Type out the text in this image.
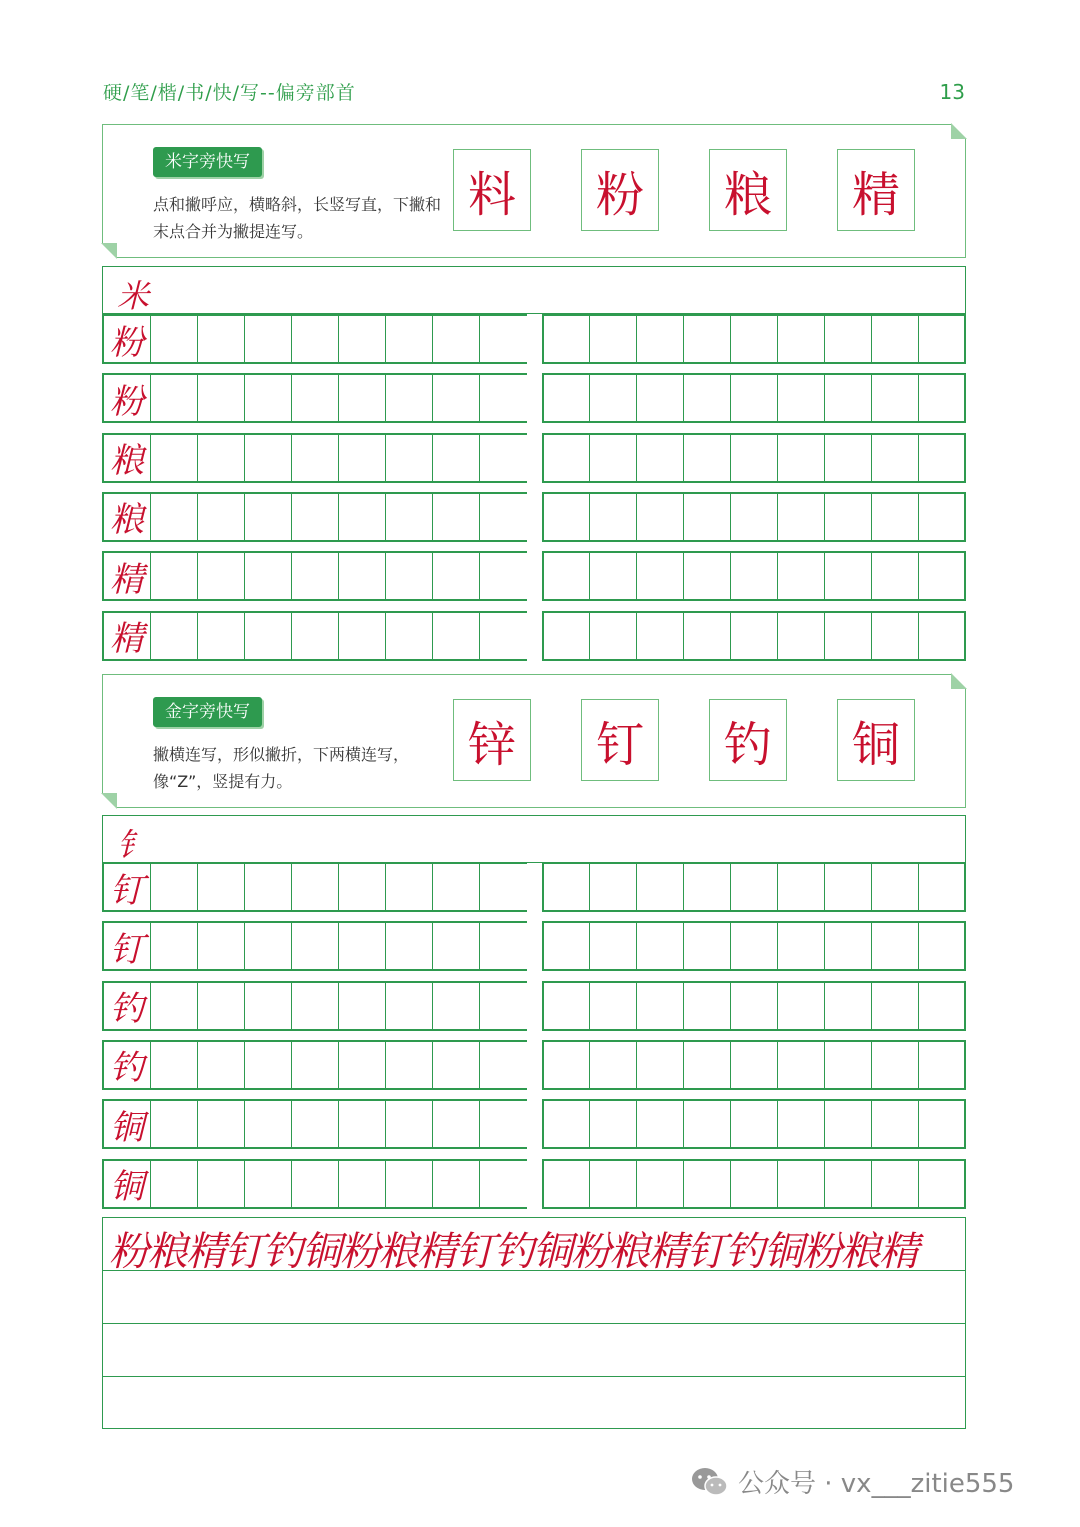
硬/笔/楷/书/快/写--偏旁部首	13
米字旁快写
点和撇呼应，横略斜，长竖写直，下撇和末点合并为撇提连写。
料	粉	粮	精
米
粉
粉
粮
粮
精
精
金字旁快写
撇横连写，形似撇折，下两横连写，像“Z”，竖提有力。
锌	钉	钓	铜
钅
钉
钉
钓
钓
铜
铜
粉粮精钉钓铜粉粮精钉钓铜粉粮精钉钓铜粉粮精
公众号 · vx___zitie555
